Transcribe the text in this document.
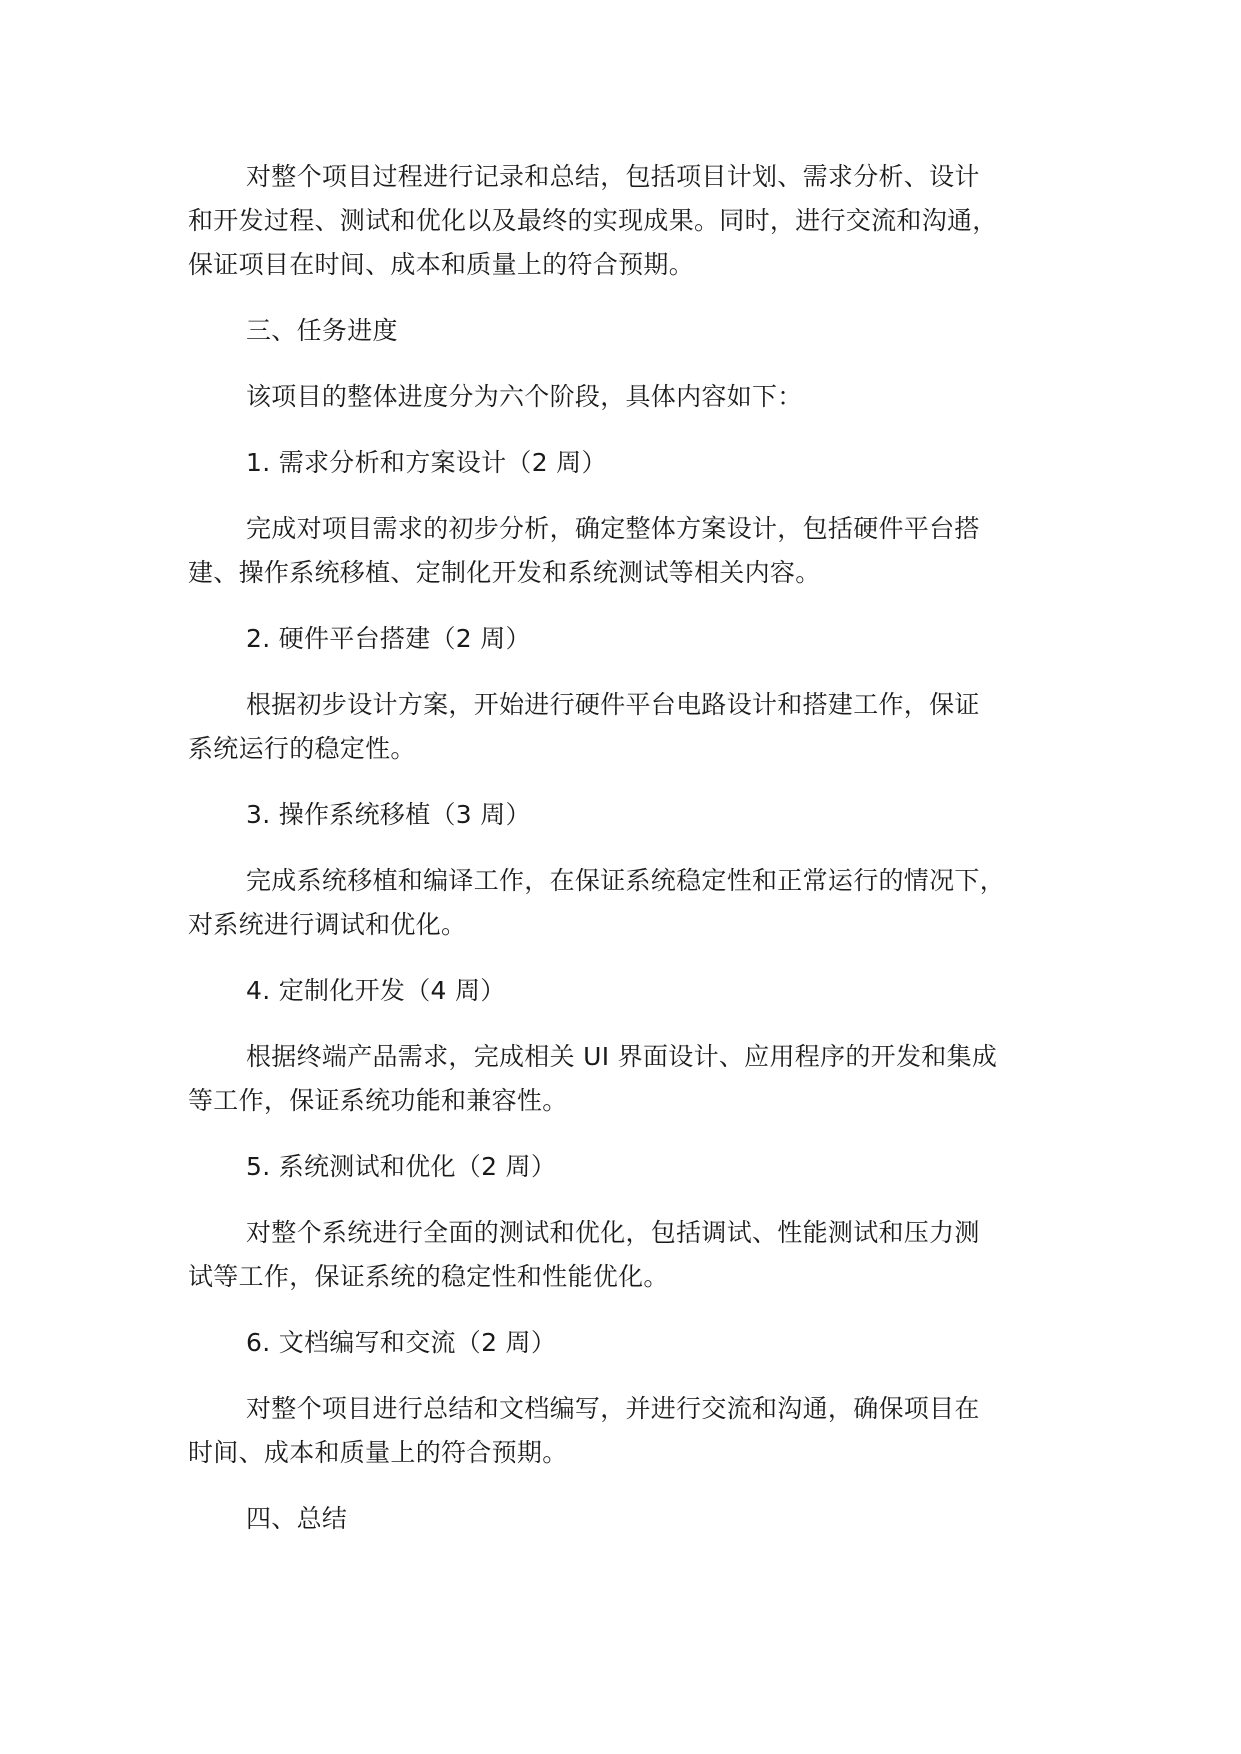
对整个项目过程进行记录和总结，包括项目计划、需求分析、设计
和开发过程、测试和优化以及最终的实现成果。同时，进行交流和沟通，
保证项目在时间、成本和质量上的符合预期。

三、任务进度

该项目的整体进度分为六个阶段，具体内容如下：

1. 需求分析和方案设计（2 周）

完成对项目需求的初步分析，确定整体方案设计，包括硬件平台搭
建、操作系统移植、定制化开发和系统测试等相关内容。

2. 硬件平台搭建（2 周）

根据初步设计方案，开始进行硬件平台电路设计和搭建工作，保证
系统运行的稳定性。

3. 操作系统移植（3 周）

完成系统移植和编译工作，在保证系统稳定性和正常运行的情况下，
对系统进行调试和优化。

4. 定制化开发（4 周）

根据终端产品需求，完成相关 UI 界面设计、应用程序的开发和集成
等工作，保证系统功能和兼容性。

5. 系统测试和优化（2 周）

对整个系统进行全面的测试和优化，包括调试、性能测试和压力测
试等工作，保证系统的稳定性和性能优化。

6. 文档编写和交流（2 周）

对整个项目进行总结和文档编写，并进行交流和沟通，确保项目在
时间、成本和质量上的符合预期。

四、总结
